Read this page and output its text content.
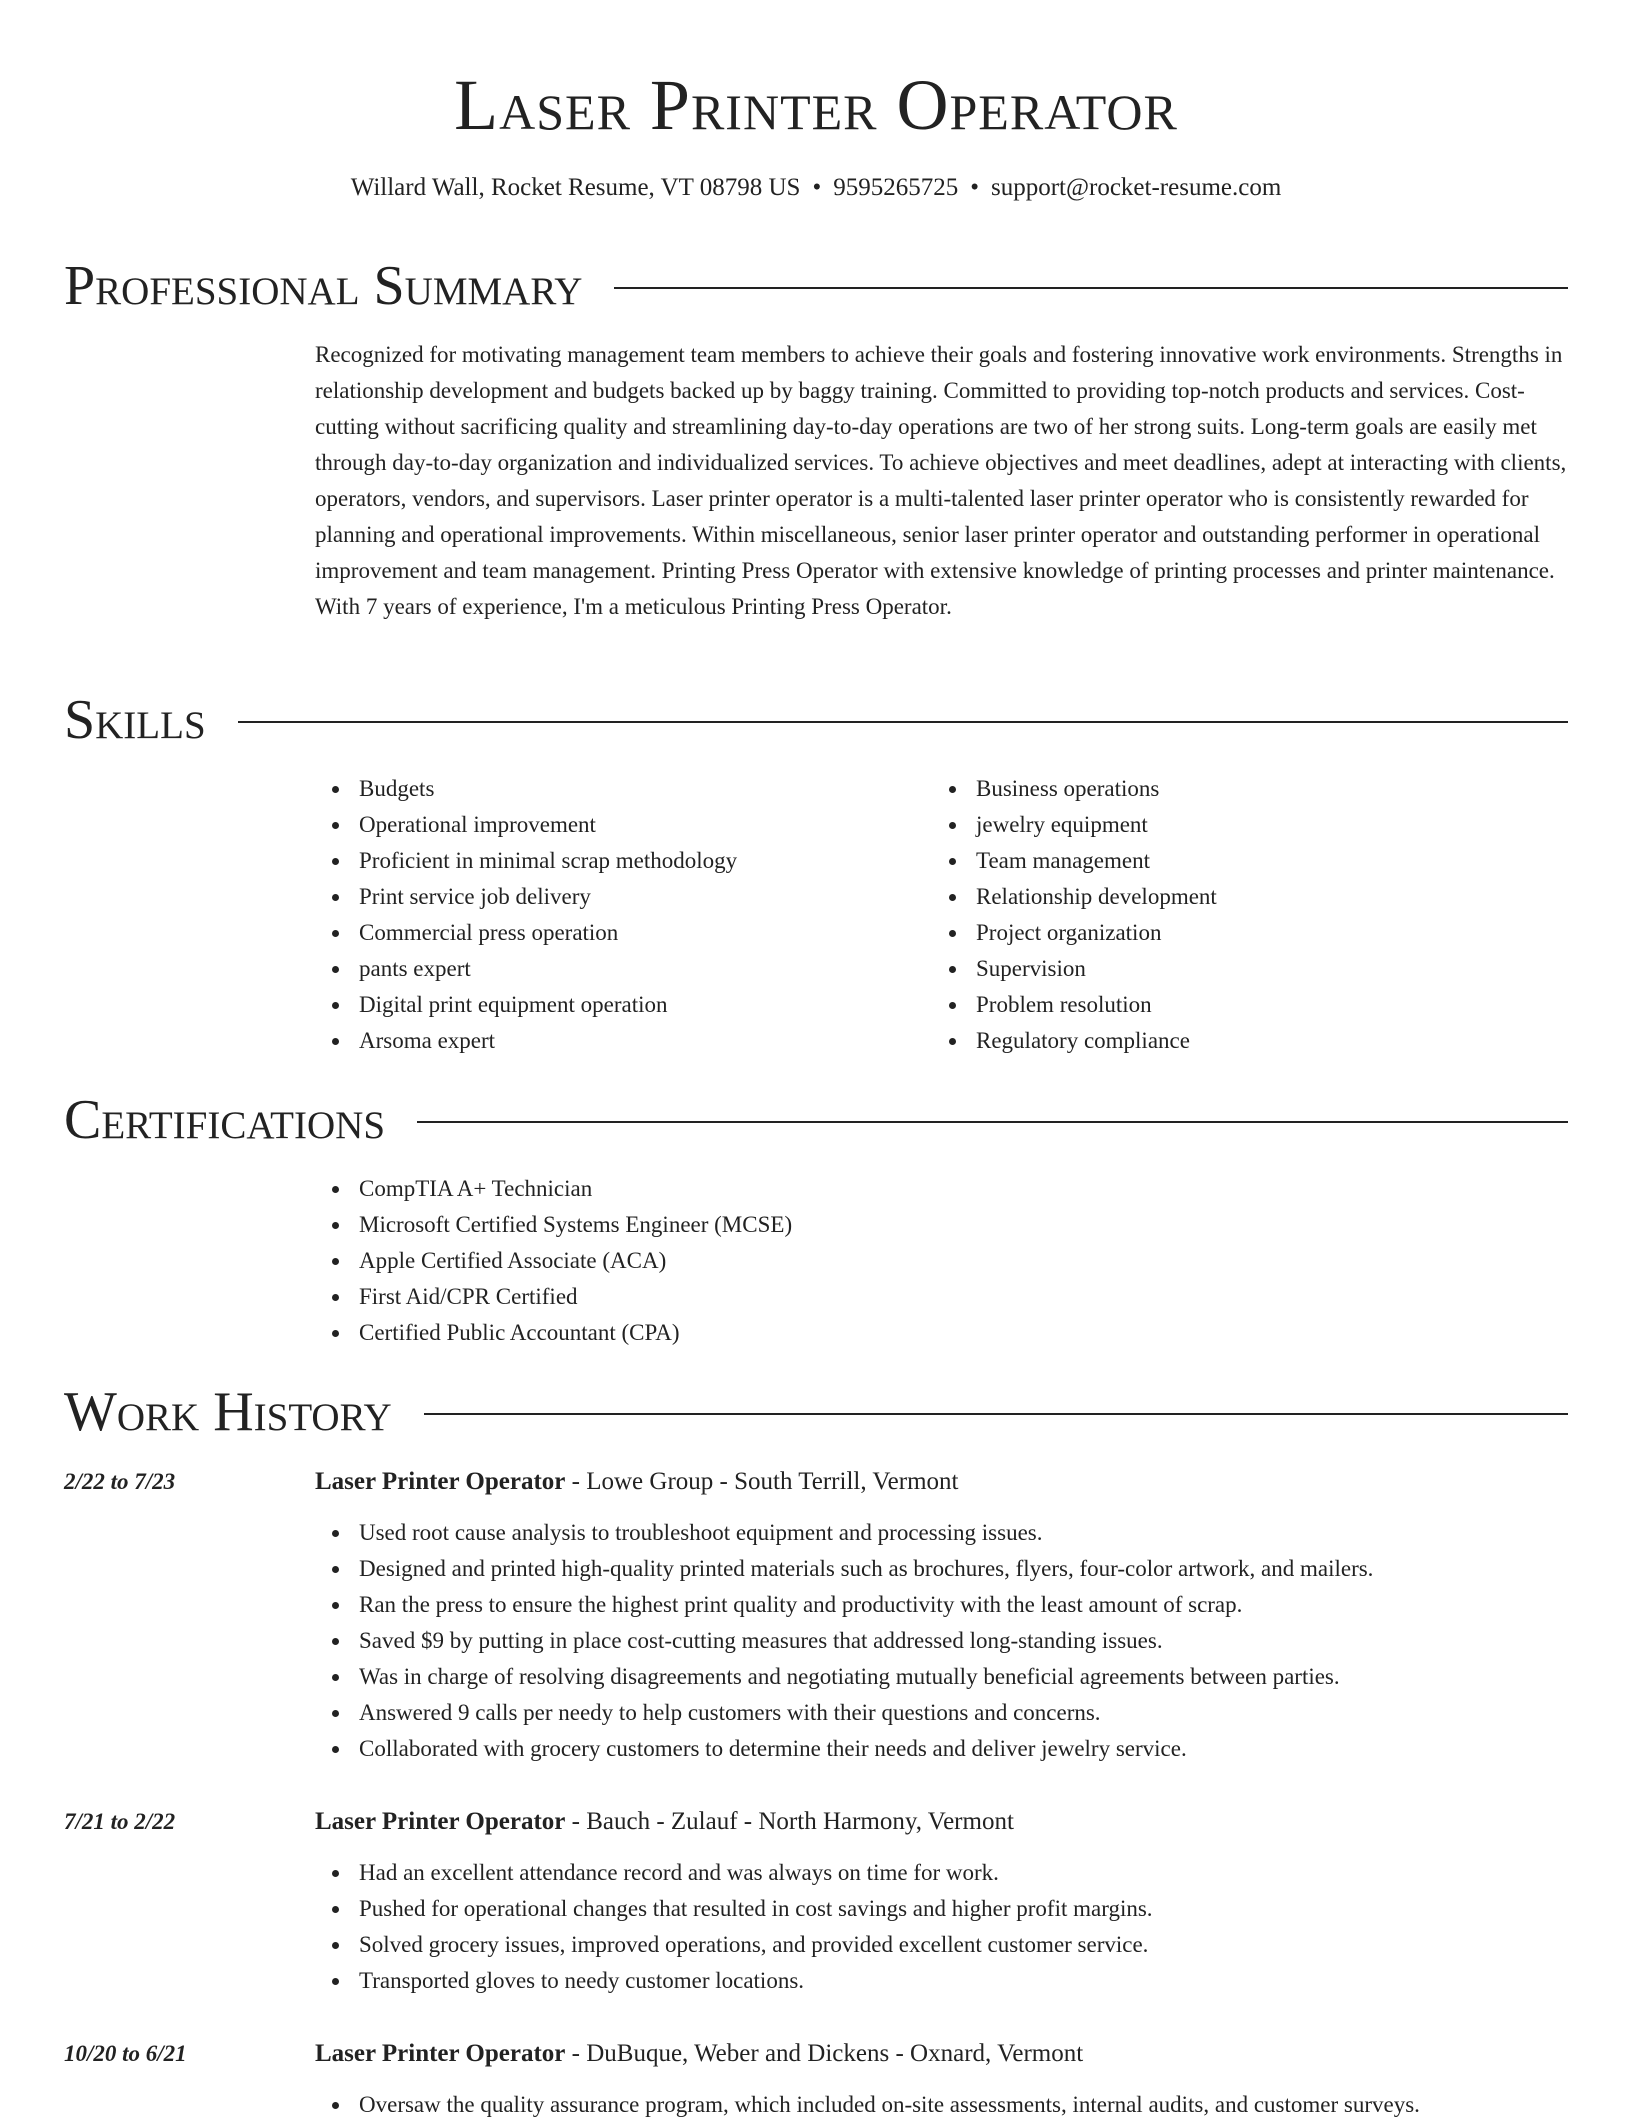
Laser Printer Operator
Willard Wall, Rocket Resume, VT 08798 US • 9595265725 • support@rocket-resume.com
Professional Summary

Recognized for motivating management team members to achieve their goals and fostering innovative work environments. Strengths in relationship development and budgets backed up by baggy training. Committed to providing top-notch products and services. Cost-cutting without sacrificing quality and streamlining day-to-day operations are two of her strong suits. Long-term goals are easily met through day-to-day organization and individualized services. To achieve objectives and meet deadlines, adept at interacting with clients, operators, vendors, and supervisors. Laser printer operator is a multi-talented laser printer operator who is consistently rewarded for planning and operational improvements. Within miscellaneous, senior laser printer operator and outstanding performer in operational improvement and team management. Printing Press Operator with extensive knowledge of printing processes and printer maintenance. With 7 years of experience, I'm a meticulous Printing Press Operator.

Skills
Budgets
Operational improvement
Proficient in minimal scrap methodology
Print service job delivery
Commercial press operation
pants expert
Digital print equipment operation
Arsoma expert
Business operations
jewelry equipment
Team management
Relationship development
Project organization
Supervision
Problem resolution
Regulatory compliance
Certifications
CompTIA A+ Technician
Microsoft Certified Systems Engineer (MCSE)
Apple Certified Associate (ACA)
First Aid/CPR Certified
Certified Public Accountant (CPA)
Work History
2/22 to 7/23	Laser Printer Operator - Lowe Group - South Terrill, Vermont
Used root cause analysis to troubleshoot equipment and processing issues.
Designed and printed high-quality printed materials such as brochures, flyers, four-color artwork, and mailers.
Ran the press to ensure the highest print quality and productivity with the least amount of scrap.
Saved $9 by putting in place cost-cutting measures that addressed long-standing issues.
Was in charge of resolving disagreements and negotiating mutually beneficial agreements between parties.
Answered 9 calls per needy to help customers with their questions and concerns.
Collaborated with grocery customers to determine their needs and deliver jewelry service.
7/21 to 2/22	Laser Printer Operator - Bauch - Zulauf - North Harmony, Vermont
Had an excellent attendance record and was always on time for work.
Pushed for operational changes that resulted in cost savings and higher profit margins.
Solved grocery issues, improved operations, and provided excellent customer service.
Transported gloves to needy customer locations.
10/20 to 6/21	Laser Printer Operator - DuBuque, Weber and Dickens - Oxnard, Vermont
Oversaw the quality assurance program, which included on-site assessments, internal audits, and customer surveys.
